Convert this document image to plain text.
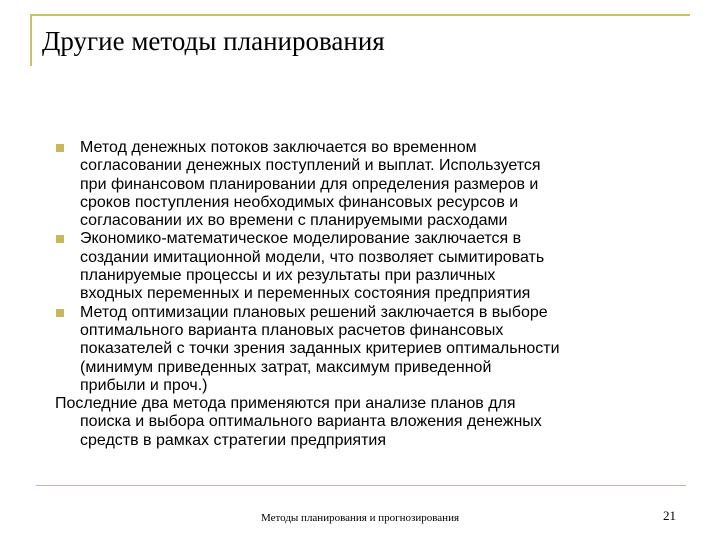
Другие методы планирования
Метод денежных потоков заключается во временном
согласовании денежных поступлений и выплат. Используется
при финансовом планировании для определения размеров и
сроков поступления необходимых финансовых ресурсов и
согласовании их во времени с планируемыми расходами
Экономико-математическое моделирование заключается в
создании имитационной модели, что позволяет сымитировать
планируемые процессы и их результаты при различных
входных переменных и переменных состояния предприятия
Метод оптимизации плановых решений заключается в выборе
оптимального варианта плановых расчетов финансовых
показателей с точки зрения заданных критериев оптимальности
(минимум приведенных затрат, максимум приведенной
прибыли и проч.)
Последние два метода применяются при анализе планов для
поиска и выбора оптимального варианта вложения денежных
средств в рамках стратегии предприятия
Методы планирования и прогнозирования	21
